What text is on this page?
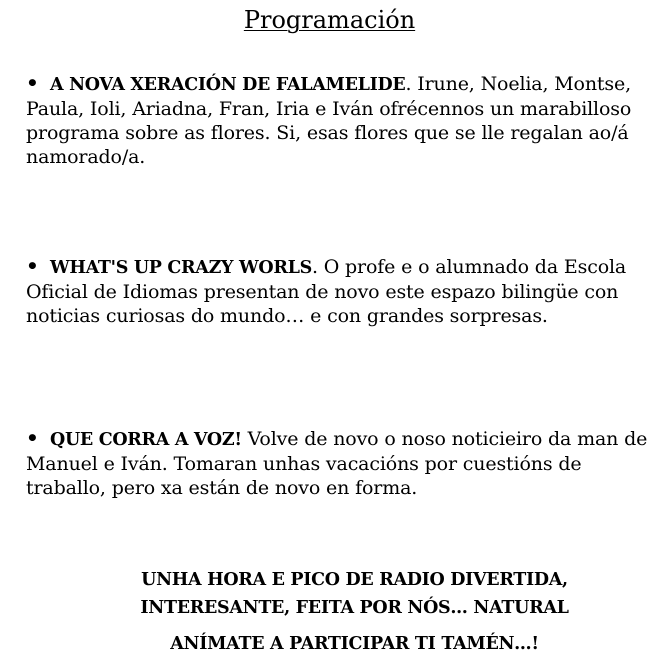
Programación

• A NOVA XERACIÓN DE FALAMELIDE. Irune, Noelia, Montse, Paula, Ioli, Ariadna, Fran, Iria e Iván ofrécennos un marabilloso programa sobre as flores. Si, esas flores que se lle regalan ao/á namorado/a.

• WHAT'S UP CRAZY WORLS. O profe e o alumnado da Escola Oficial de Idiomas presentan de novo este espazo bilingüe con noticias curiosas do mundo… e con grandes sorpresas.

• QUE CORRA A VOZ! Volve de novo o noso noticieiro da man de Manuel e Iván. Tomaran unhas vacacións por cuestións de traballo, pero xa están de novo en forma.

UNHA HORA E PICO DE RADIO DIVERTIDA,

INTERESANTE, FEITA POR NÓS… NATURAL

ANÍMATE A PARTICIPAR TI TAMÉN…!
